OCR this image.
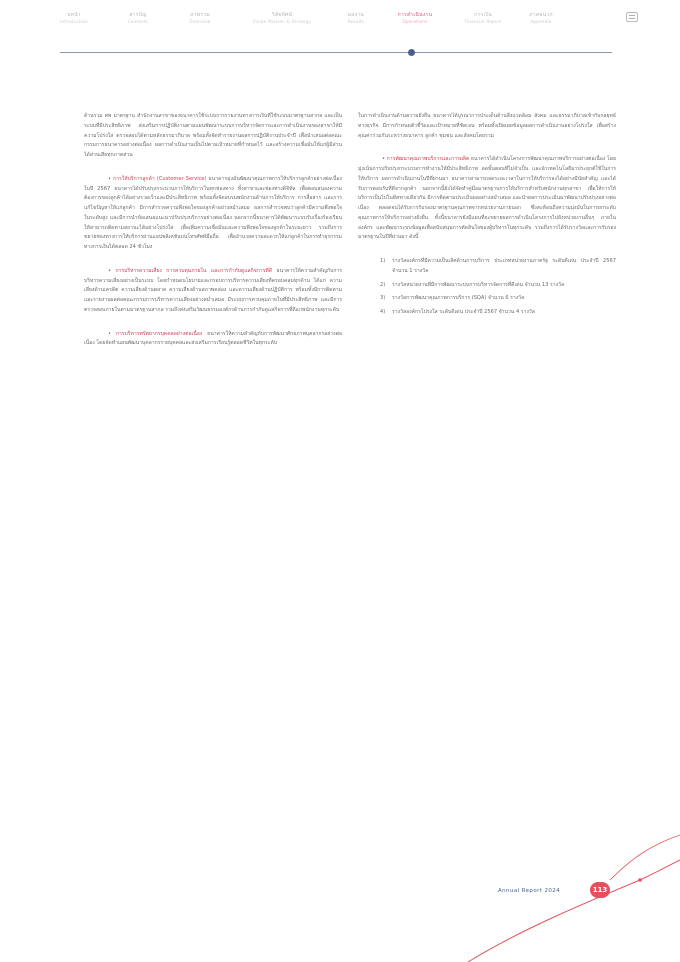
บทนำ
Introduction
สารบัญ
Contents
ภาพรวม
Overview
วิสัยทัศน์
Vision Mission & Strategy
ผลงาน
Results
การดำเนินงาน
Operations
การเงิน
Financial Report
ภาคผนวก
Appendix

ด้านรวม ศพ มาตรฐาน สำนักงานสาขาของธนาคารใช้ระบบการรายงานทางการเงินที่ใช้ระบบมาตรฐานสากล และเป็นระบบที่มีประสิทธิภาพ ส่งเสริมการปฏิบัติงานตามแผนพัฒนาระบบการบริหารจัดการและการดำเนินงานของสาขาให้มีความโปร่งใส ตรวจสอบได้ตามหลักธรรมาภิบาล พร้อมทั้งจัดทำรายงานผลการปฏิบัติงานประจำปี เพื่อนำเสนอต่อคณะกรรมการธนาคารอย่างต่อเนื่อง ผลการดำเนินงานเป็นไปตามเป้าหมายที่กำหนดไว้ และสร้างความเชื่อมั่นให้แก่ผู้มีส่วนได้ส่วนเสียทุกภาคส่วน

• การให้บริการลูกค้า (Customer Service) ธนาคารมุ่งมั่นพัฒนาคุณภาพการให้บริการลูกค้าอย่างต่อเนื่อง ในปี 2567 ธนาคารได้ปรับปรุงกระบวนการให้บริการในทุกช่องทาง ทั้งสาขาและช่องทางดิจิทัล เพื่อตอบสนองความต้องการของลูกค้าได้อย่างรวดเร็วและมีประสิทธิภาพ พร้อมทั้งจัดอบรมพนักงานด้านการให้บริการ การสื่อสาร และการแก้ไขปัญหาให้แก่ลูกค้า มีการสำรวจความพึงพอใจของลูกค้าอย่างสม่ำเสมอ ผลการสำรวจพบว่าลูกค้ามีความพึงพอใจในระดับสูง และมีการนำข้อเสนอแนะมาปรับปรุงบริการอย่างต่อเนื่อง นอกจากนี้ธนาคารได้พัฒนาระบบรับเรื่องร้องเรียนให้สามารถติดตามสถานะได้อย่างโปร่งใส เพื่อเพิ่มความเชื่อมั่นและความพึงพอใจของลูกค้าในระยะยาว รวมถึงการขยายช่องทางการให้บริการผ่านแอปพลิเคชันบนโทรศัพท์มือถือ เพื่ออำนวยความสะดวกให้แก่ลูกค้าในการทำธุรกรรมทางการเงินได้ตลอด 24 ชั่วโมง

• การบริหารความเสี่ยง การควบคุมภายใน และการกำกับดูแลกิจการที่ดี ธนาคารให้ความสำคัญกับการบริหารความเสี่ยงอย่างเป็นระบบ โดยกำหนดนโยบายและกรอบการบริหารความเสี่ยงที่ครอบคลุมทุกด้าน ได้แก่ ความเสี่ยงด้านเครดิต ความเสี่ยงด้านตลาด ความเสี่ยงด้านสภาพคล่อง และความเสี่ยงด้านปฏิบัติการ พร้อมทั้งมีการติดตามและรายงานผลต่อคณะกรรมการบริหารความเสี่ยงอย่างสม่ำเสมอ มีระบบการควบคุมภายในที่มีประสิทธิภาพ และมีการตรวจสอบภายในตามมาตรฐานสากล รวมถึงส่งเสริมวัฒนธรรมองค์กรด้านการกำกับดูแลกิจการที่ดีแก่พนักงานทุกระดับ

• การบริหารทรัพยากรบุคคลอย่างต่อเนื่อง ธนาคารให้ความสำคัญกับการพัฒนาศักยภาพบุคลากรอย่างต่อเนื่อง โดยจัดทำแผนพัฒนาบุคลากรรายบุคคลและส่งเสริมการเรียนรู้ตลอดชีวิตในทุกระดับ

ในการดำเนินงานด้านความยั่งยืน ธนาคารได้บูรณาการประเด็นด้านสิ่งแวดล้อม สังคม และธรรมาภิบาลเข้ากับกลยุทธ์ทางธุรกิจ มีการกำหนดตัวชี้วัดและเป้าหมายที่ชัดเจน พร้อมทั้งเปิดเผยข้อมูลผลการดำเนินงานอย่างโปร่งใส เพื่อสร้างคุณค่าร่วมกันระหว่างธนาคาร ลูกค้า ชุมชน และสังคมโดยรวม

• การพัฒนาคุณภาพบริการและการผลิต ธนาคารได้ดำเนินโครงการพัฒนาคุณภาพบริการอย่างต่อเนื่อง โดยมุ่งเน้นการปรับปรุงกระบวนการทำงานให้มีประสิทธิภาพ ลดขั้นตอนที่ไม่จำเป็น และนำเทคโนโลยีมาประยุกต์ใช้ในการให้บริการ ผลการดำเนินงานในปีที่ผ่านมา ธนาคารสามารถลดระยะเวลาในการให้บริการลงได้อย่างมีนัยสำคัญ และได้รับการตอบรับที่ดีจากลูกค้า นอกจากนี้ยังได้จัดทำคู่มือมาตรฐานการให้บริการสำหรับพนักงานทุกสาขา เพื่อให้การให้บริการเป็นไปในทิศทางเดียวกัน มีการติดตามประเมินผลอย่างสม่ำเสมอ และนำผลการประเมินมาพัฒนาปรับปรุงอย่างต่อเนื่อง ตลอดจนได้รับการรับรองมาตรฐานคุณภาพจากหน่วยงานภายนอก ซึ่งสะท้อนถึงความมุ่งมั่นในการยกระดับคุณภาพการให้บริการอย่างยั่งยืน ทั้งนี้ธนาคารยังมีแผนที่จะขยายผลการดำเนินโครงการไปยังหน่วยงานอื่นๆ ภายในองค์กร และพัฒนาระบบข้อมูลเพื่อสนับสนุนการตัดสินใจของผู้บริหารในทุกระดับ รวมถึงการได้รับรางวัลและการรับรองมาตรฐานในปีที่ผ่านมา ดังนี้

1) รางวัลองค์กรที่มีความเป็นเลิศด้านการบริการ ประเภทหน่วยงานภาครัฐ ระดับดีเด่น ประจำปี 2567 จำนวน 1 รางวัล
2) รางวัลหน่วยงานที่มีการพัฒนาระบบการบริหารจัดการที่ดีเด่น จำนวน 13 รางวัล
3) รางวัลการพัฒนาคุณภาพการบริการ (SQA) จำนวน 6 รางวัล
4) รางวัลองค์กรโปร่งใส ระดับดีเด่น ประจำปี 2567 จำนวน 4 รางวัล
Annual Report 2024	113
